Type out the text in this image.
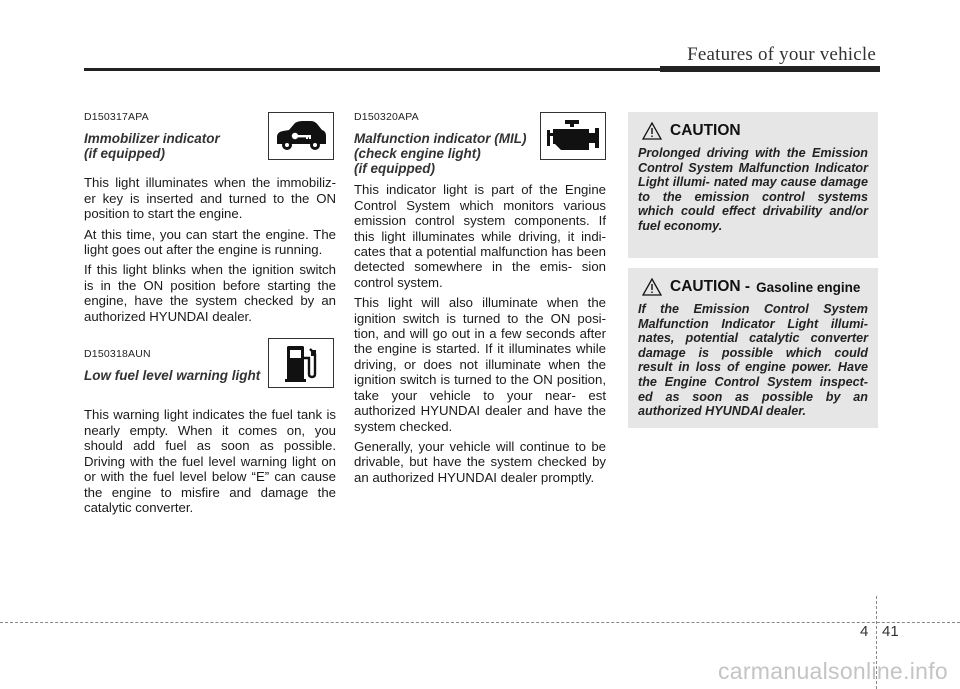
Features of your vehicle
D150317APA
Immobilizer indicator
(if equipped)

This light illuminates when the immobiliz- er key is inserted and turned to the ON position to start the engine.

At this time, you can start the engine. The light goes out after the engine is running.

If this light blinks when the ignition switch is in the ON position before starting the engine, have the system checked by an authorized HYUNDAI dealer.

D150318AUN
Low fuel level warning light

This warning light indicates the fuel tank is nearly empty. When it comes on, you should add fuel as soon as possible. Driving with the fuel level warning light on or with the fuel level below “E” can cause the engine to misfire and damage the catalytic converter.

D150320APA
Malfunction indicator (MIL)
(check engine light)
(if equipped)

This indicator light is part of the Engine Control System which monitors various emission control system components. If this light illuminates while driving, it indi- cates that a potential malfunction has been detected somewhere in the emis- sion control system.

This light will also illuminate when the ignition switch is turned to the ON posi- tion, and will go out in a few seconds after the engine is started. If it illuminates while driving, or does not illuminate when the ignition switch is turned to the ON position, take your vehicle to your near- est authorized HYUNDAI dealer and have the system checked.

Generally, your vehicle will continue to be drivable, but have the system checked by an authorized HYUNDAI dealer promptly.

CAUTION
Prolonged driving with the Emission Control System Malfunction Indicator Light illumi- nated may cause damage to the emission control systems which could effect drivability and/or fuel economy.
CAUTION - Gasoline engine
If the Emission Control System Malfunction Indicator Light illumi- nates, potential catalytic converter damage is possible which could result in loss of engine power. Have the Engine Control System inspect- ed as soon as possible by an authorized HYUNDAI dealer.
4 41
carmanualsonline.info
